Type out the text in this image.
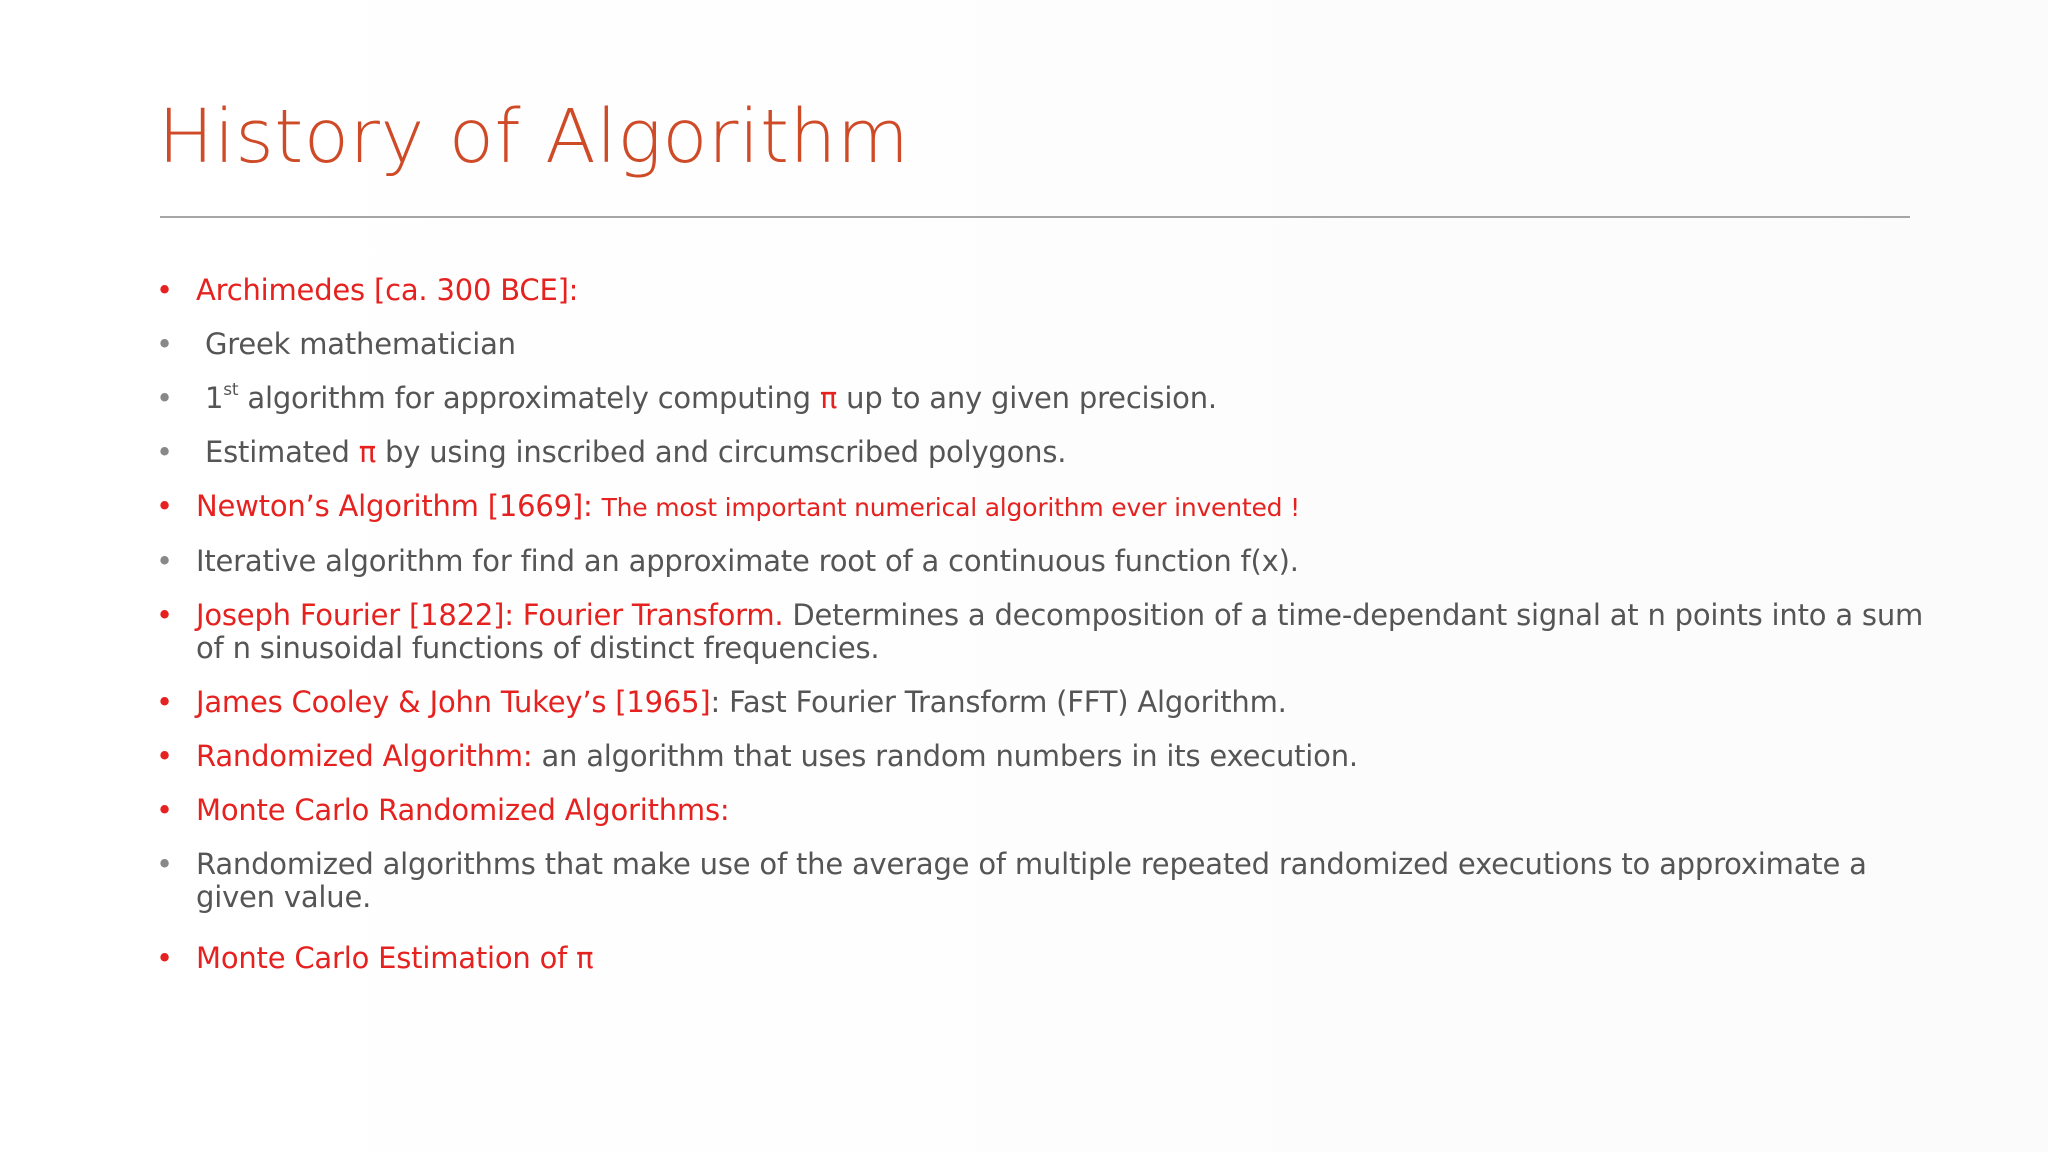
History of Algorithm
• Archimedes [ca. 300 BCE]:
• Greek mathematician
• 1st algorithm for approximately computing π up to any given precision.
• Estimated π by using inscribed and circumscribed polygons.
• Newton’s Algorithm [1669]: The most important numerical algorithm ever invented !
• Iterative algorithm for find an approximate root of a continuous function f(x).
• Joseph Fourier [1822]: Fourier Transform. Determines a decomposition of a time-dependant signal at n points into a sum of n sinusoidal functions of distinct frequencies.
• James Cooley & John Tukey’s [1965]: Fast Fourier Transform (FFT) Algorithm.
• Randomized Algorithm: an algorithm that uses random numbers in its execution.
• Monte Carlo Randomized Algorithms:
• Randomized algorithms that make use of the average of multiple repeated randomized executions to approximate a given value.
• Monte Carlo Estimation of π
